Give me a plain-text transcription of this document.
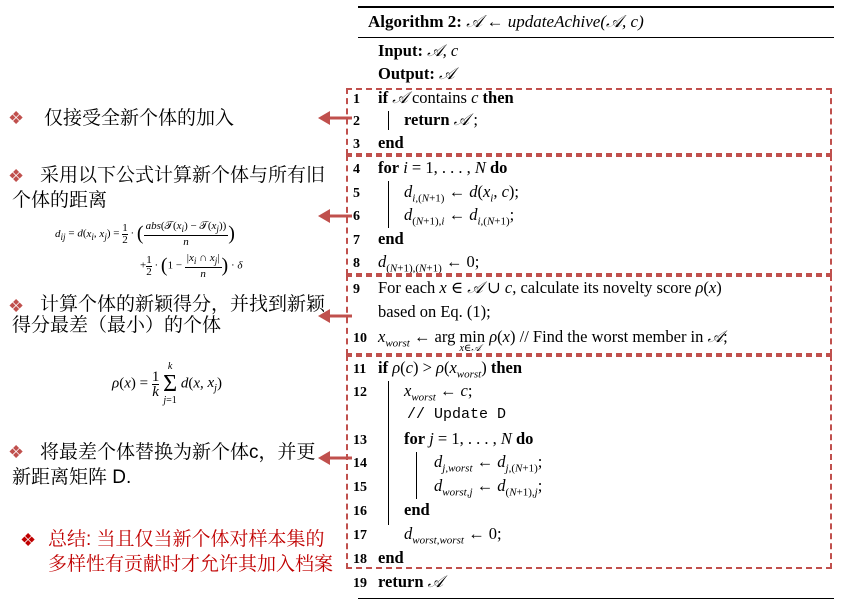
Algorithm 2: 𝒜 ← updateAchive(𝒜, c)
Input: 𝒜, c
Output: 𝒜
1 if 𝒜 contains c then
2	return 𝒜 ;
3 end
4 for i = 1, . . . , N do
5	$d_{i,(N+1)}$ ← $d(x_i$, c);
6	$d_{(N+1),i}$ ← $d_{i,(N+1)}$;
7 end
8 $d_{(N+1),(N+1)}$ ← 0;
9 For each x ∈ 𝒜 ∪ c, calculate its novelty score ρ(x)
based on Eq. (1);
10 $x_{worst}$ ← arg min
x∈𝒜
ρ(x) // Find the worst member in 𝒜;
11 if $\rho(c) > \rho(x_{worst})$ then
12 $x_{worst}$ ← c;
// Update D
13 for j = 1, . . . , N do
14	$d_{j,worst}$ ← $d_{j,(N+1)}$;
15	$d_{worst,j}$ ← $d_{(N+1),j}$;
16 end
17 $d_{worst,worst}$ ← 0;
18 end
19 return 𝒜
❖ 仅接受全新个体的加入
❖ 采用以下公式计算新个体与所有旧个体的距离
$d_{ij} = d(x_i$, $x_j) = \frac{1}{2}$ · ( $abs(𝒯(x_i)$ − $𝒯(x_j)$)
n )
+ $\frac{1}{2} \cdot (1 - \frac{|x_i \cap x_j|}{n}) \cdot \delta$
❖ 计算个体的新颖得分，并找到新颖得分最差（最小）的个体
$\rho(x) = \frac{1}{k}$
k
Σ
j=1
d(x, $x_j$)
❖ 将最差个体替换为新个体c，并更新距离矩阵 D.
❖ 总结: 当且仅当新个体对样本集的多样性有贡献时才允许其加入档案
